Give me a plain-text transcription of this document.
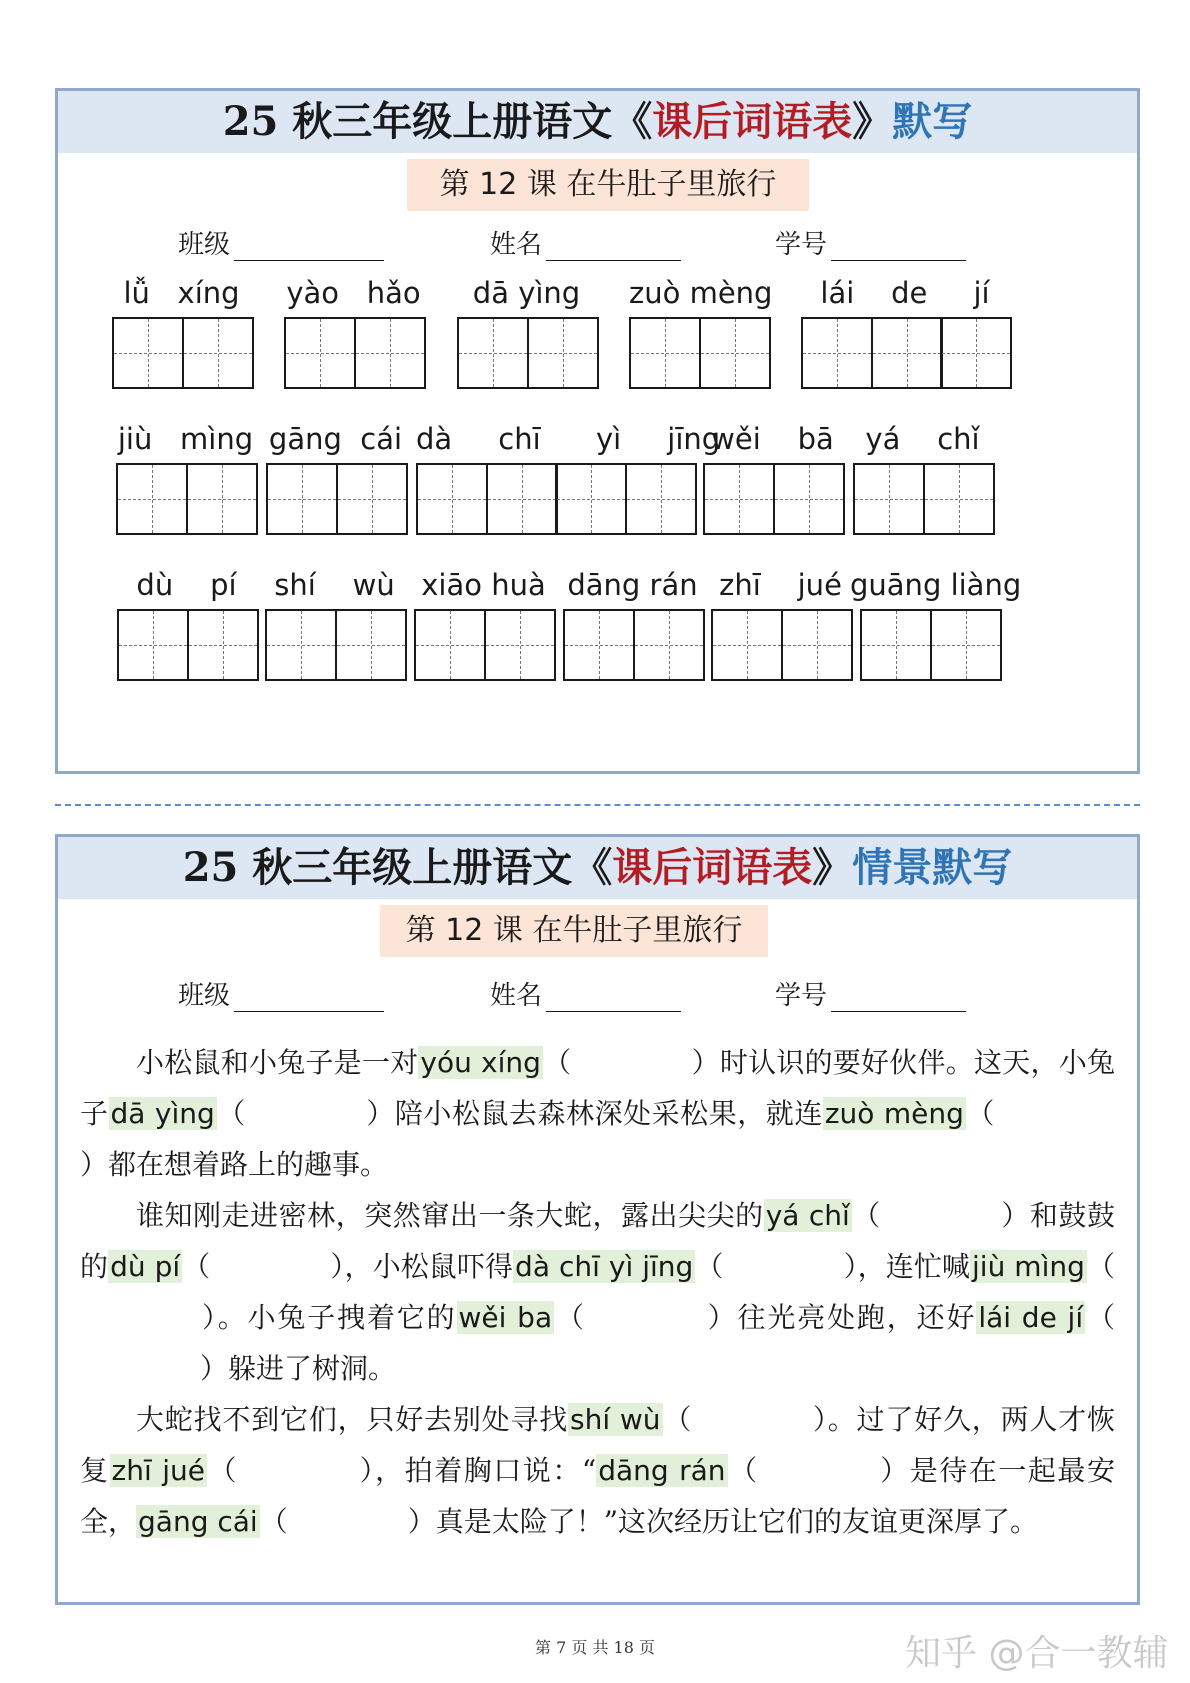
25 秋三年级上册语文《课后词语表》默写
第 12 课 在牛肚子里旅行
班级	姓名	学号
lǚ   xíng	yào   hǎo	dā yìng	zuò mèng	lái    de     jí
jiù   mìng gāng  cái dà     chī      yì     jīng
wěi    bā	yá    chǐ
dù    pí	shí    wù xiāo huà dāng rán zhī    jué guāng liàng
25 秋三年级上册语文《课后词语表》情景默写
第 12 课 在牛肚子里旅行
班级	姓名	学号

小松鼠和小兔子是一对yóu xíng（	）时认识的要好伙伴。这天，小兔子dā yìng（	）陪小松鼠去森林深处采松果，就连zuò mèng（）都在想着路上的趣事。

谁知刚走进密林，突然窜出一条大蛇，露出尖尖的yá chǐ（	）和鼓鼓的dù pí（	），小松鼠吓得dà chī yì jīng（	），连忙喊jiù mìng（）。小兔子拽着它的wěi ba（	）往光亮处跑，还好lái de jí（）躲进了树洞。

大蛇找不到它们，只好去别处寻找shí wù（	）。过了好久，两人才恢复zhī jué（	），拍着胸口说：“dāng rán（	）是待在一起最安全，gāng cái（	）真是太险了！”这次经历让它们的友谊更深厚了。

第 7 页 共 18 页	知乎 @合一教辅
